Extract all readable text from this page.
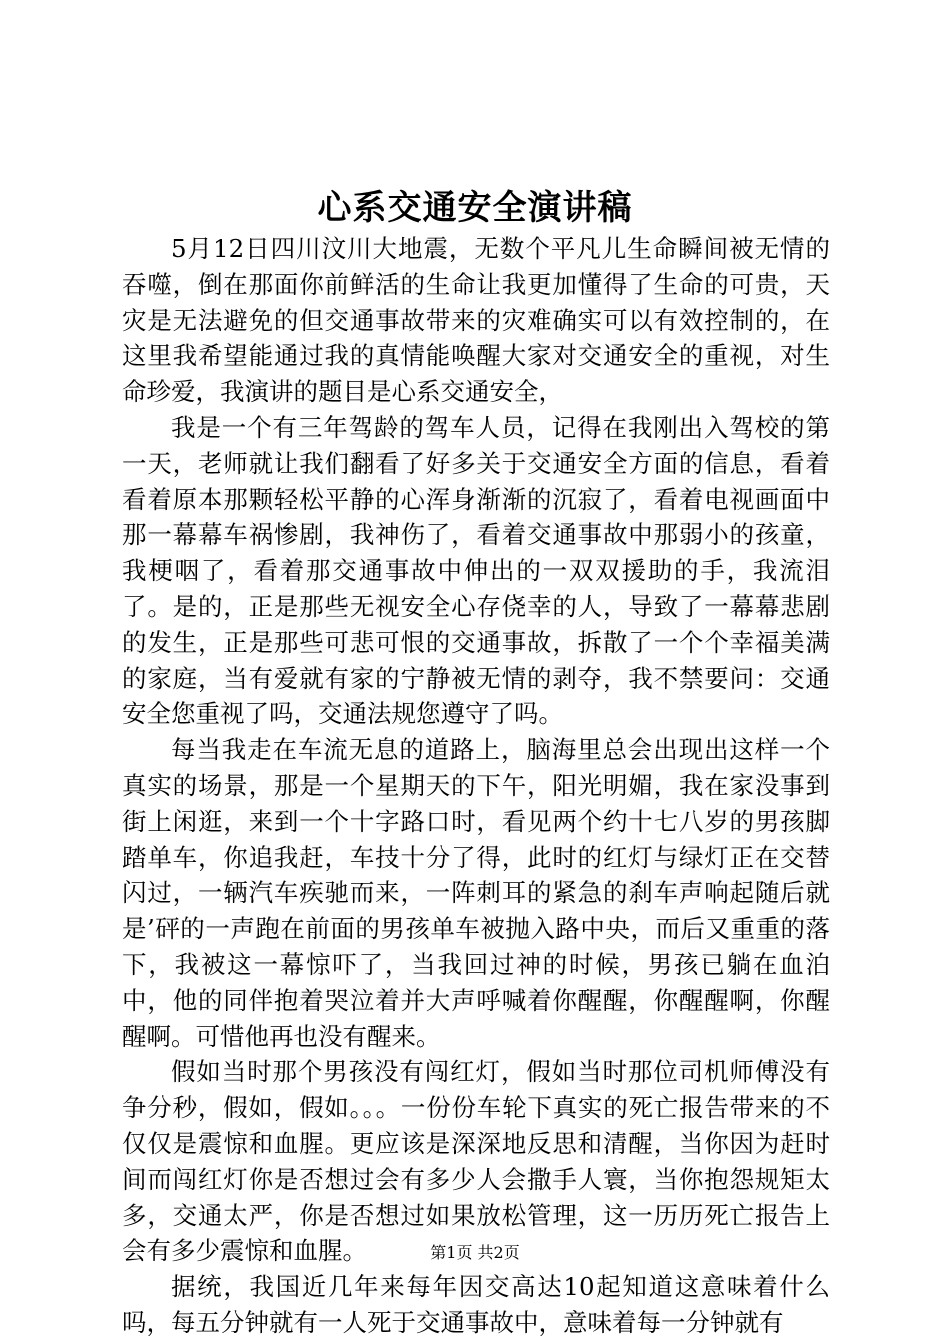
心系交通安全演讲稿

5月12日四川汶川大地震，无数个平凡儿生命瞬间被无情的吞噬，倒在那面你前鲜活的生命让我更加懂得了生命的可贵，天灾是无法避免的但交通事故带来的灾难确实可以有效控制的，在这里我希望能通过我的真情能唤醒大家对交通安全的重视，对生命珍爱，我演讲的题目是心系交通安全，

我是一个有三年驾龄的驾车人员，记得在我刚出入驾校的第一天，老师就让我们翻看了好多关于交通安全方面的信息，看着看着原本那颗轻松平静的心浑身渐渐的沉寂了，看着电视画面中那一幕幕车祸惨剧，我神伤了，看着交通事故中那弱小的孩童，我梗咽了，看着那交通事故中伸出的一双双援助的手，我流泪了。是的，正是那些无视安全心存侥幸的人，导致了一幕幕悲剧的发生，正是那些可悲可恨的交通事故，拆散了一个个幸福美满的家庭，当有爱就有家的宁静被无情的剥夺，我不禁要问：交通安全您重视了吗，交通法规您遵守了吗。

每当我走在车流无息的道路上，脑海里总会出现出这样一个真实的场景，那是一个星期天的下午，阳光明媚，我在家没事到街上闲逛，来到一个十字路口时，看见两个约十七八岁的男孩脚踏单车，你追我赶，车技十分了得，此时的红灯与绿灯正在交替闪过，一辆汽车疾驰而来，一阵刺耳的紧急的刹车声响起随后就是’砰的一声跑在前面的男孩单车被抛入路中央，而后又重重的落下，我被这一幕惊吓了，当我回过神的时候，男孩已躺在血泊中，他的同伴抱着哭泣着并大声呼喊着你醒醒，你醒醒啊，你醒醒啊。可惜他再也没有醒来。

假如当时那个男孩没有闯红灯，假如当时那位司机师傅没有争分秒，假如，假如。。。一份份车轮下真实的死亡报告带来的不仅仅是震惊和血腥。更应该是深深地反思和清醒，当你因为赶时间而闯红灯你是否想过会有多少人会撒手人寰，当你抱怨规矩太多，交通太严，你是否想过如果放松管理，这一历历死亡报告上会有多少震惊和血腥。

据统，我国近几年来每年因交高达10起知道这意味着什么吗，每五分钟就有一人死于交通事故中，意味着每一分钟就有

第1页 共2页
